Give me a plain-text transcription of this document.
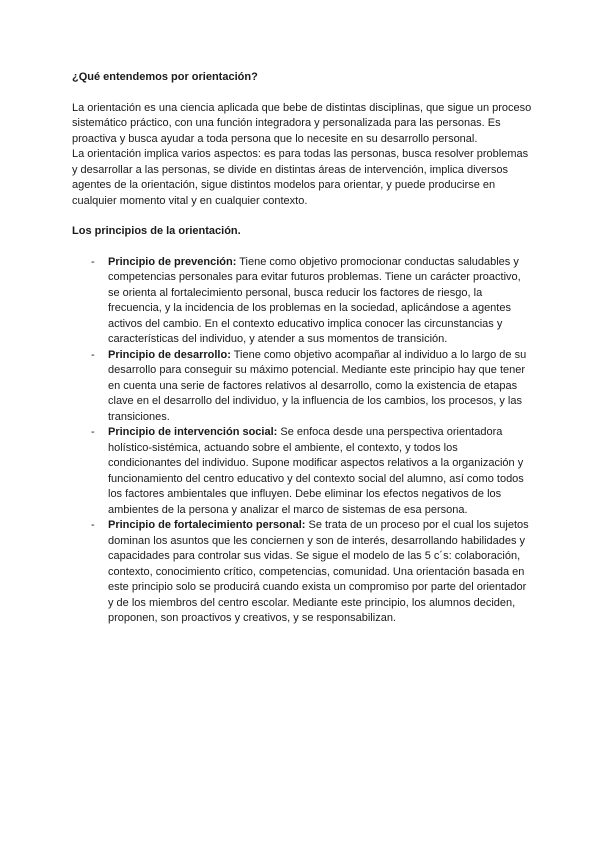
¿Qué entendemos por orientación?

La orientación es una ciencia aplicada que bebe de distintas disciplinas, que sigue un proceso sistemático práctico, con una función integradora y personalizada para las personas. Es proactiva y busca ayudar a toda persona que lo necesite en su desarrollo personal.

La orientación implica varios aspectos: es para todas las personas, busca resolver problemas y desarrollar a las personas, se divide en distintas áreas de intervención, implica diversos agentes de la orientación, sigue distintos modelos para orientar, y puede producirse en cualquier momento vital y en cualquier contexto.

Los principios de la orientación.
- Principio de prevención: Tiene como objetivo promocionar conductas saludables y competencias personales para evitar futuros problemas. Tiene un carácter proactivo, se orienta al fortalecimiento personal, busca reducir los factores de riesgo, la frecuencia, y la incidencia de los problemas en la sociedad, aplicándose a agentes activos del cambio. En el contexto educativo implica conocer las circunstancias y características del individuo, y atender a sus momentos de transición.
- Principio de desarrollo: Tiene como objetivo acompañar al individuo a lo largo de su desarrollo para conseguir su máximo potencial. Mediante este principio hay que tener en cuenta una serie de factores relativos al desarrollo, como la existencia de etapas clave en el desarrollo del individuo, y la influencia de los cambios, los procesos, y las transiciones.
- Principio de intervención social: Se enfoca desde una perspectiva orientadora holístico-sistémica, actuando sobre el ambiente, el contexto, y todos los condicionantes del individuo. Supone modificar aspectos relativos a la organización y funcionamiento del centro educativo y del contexto social del alumno, así como todos los factores ambientales que influyen. Debe eliminar los efectos negativos de los ambientes de la persona y analizar el marco de sistemas de esa persona.
- Principio de fortalecimiento personal: Se trata de un proceso por el cual los sujetos dominan los asuntos que les conciernen y son de interés, desarrollando habilidades y capacidades para controlar sus vidas. Se sigue el modelo de las 5 c´s: colaboración, contexto, conocimiento crítico, competencias, comunidad. Una orientación basada en este principio solo se producirá cuando exista un compromiso por parte del orientador y de los miembros del centro escolar. Mediante este principio, los alumnos deciden, proponen, son proactivos y creativos, y se responsabilizan.
